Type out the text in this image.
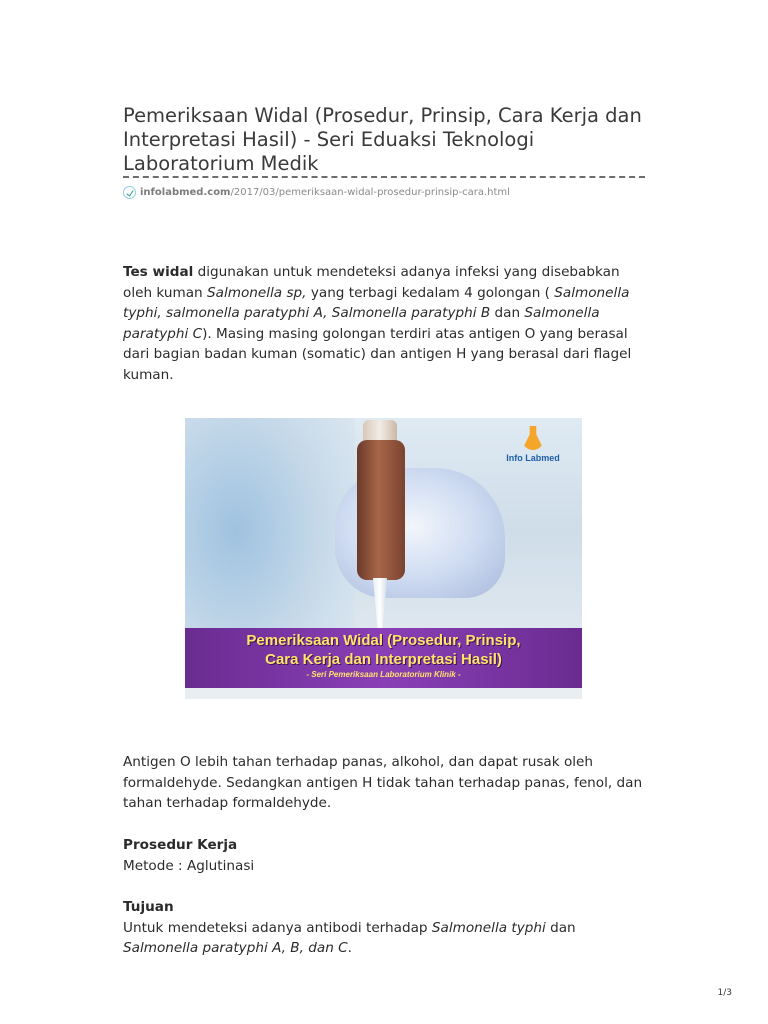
Pemeriksaan Widal (Prosedur, Prinsip, Cara Kerja dan Interpretasi Hasil) - Seri Eduaksi Teknologi Laboratorium Medik
infolabmed.com/2017/03/pemeriksaan-widal-prosedur-prinsip-cara.html

Tes widal digunakan untuk mendeteksi adanya infeksi yang disebabkan oleh kuman Salmonella sp, yang terbagi kedalam 4 golongan ( Salmonella typhi, salmonella paratyphi A, Salmonella paratyphi B dan Salmonella paratyphi C). Masing masing golongan terdiri atas antigen O yang berasal dari bagian badan kuman (somatic) dan antigen H yang berasal dari flagel kuman.

Info Labmed
Pemeriksaan Widal (Prosedur, Prinsip,
Cara Kerja dan Interpretasi Hasil)
- Seri Pemeriksaan Laboratorium Klinik -

Antigen O lebih tahan terhadap panas, alkohol, dan dapat rusak oleh formaldehyde. Sedangkan antigen H tidak tahan terhadap panas, fenol, dan tahan terhadap formaldehyde.

Prosedur Kerja
Metode : Aglutinasi

Tujuan
Untuk mendeteksi adanya antibodi terhadap Salmonella typhi dan Salmonella paratyphi A, B, dan C.

1/3
